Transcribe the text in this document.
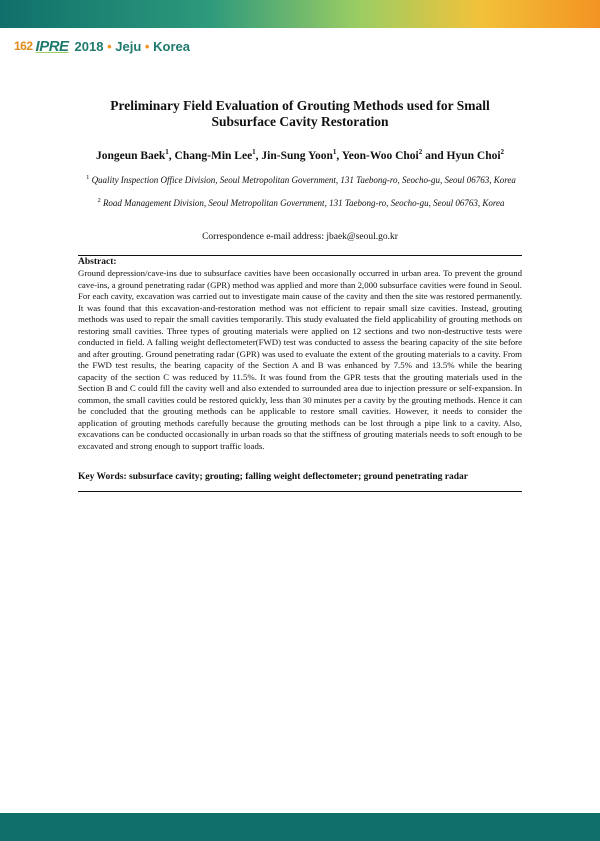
162 IPRE 2018 • Jeju • Korea
Preliminary Field Evaluation of Grouting Methods used for Small
Subsurface Cavity Restoration
Jongeun Baek$^1$, Chang-Min Lee$^1$, Jin-Sung Yoon$^1$, Yeon-Woo Choi$^2$ and Hyun Choi$^2$
$^1$ Quality Inspection Office Division, Seoul Metropolitan Government, 131 Taebong-ro, Seocho-gu, Seoul 06763, Korea
$^2$ Road Management Division, Seoul Metropolitan Government, 131 Taebong-ro, Seocho-gu, Seoul 06763, Korea
Correspondence e-mail address: jbaek@seoul.go.kr
Abstract:

Ground depression/cave-ins due to subsurface cavities have been occasionally occurred in urban area. To prevent the ground cave-ins, a ground penetrating radar (GPR) method was applied and more than 2,000 subsurface cavities were found in Seoul. For each cavity, excavation was carried out to investigate main cause of the cavity and then the site was restored permanently. It was found that this excavation-and-restoration method was not efficient to repair small size cavities. Instead, grouting methods was used to repair the small cavities temporarily. This study evaluated the field applicability of grouting methods on restoring small cavities. Three types of grouting materials were applied on 12 sections and two non-destructive tests were conducted in field. A falling weight deflectometer(FWD) test was conducted to assess the bearing capacity of the site before and after grouting. Ground penetrating radar (GPR) was used to evaluate the extent of the grouting materials to a cavity. From the FWD test results, the bearing capacity of the Section A and B was enhanced by 7.5% and 13.5% while the bearing capacity of the section C was reduced by 11.5%. It was found from the GPR tests that the grouting materials used in the Section B and C could fill the cavity well and also extended to surrounded area due to injection pressure or self-expansion. In common, the small cavities could be restored quickly, less than 30 minutes per a cavity by the grouting methods. Hence it can be concluded that the grouting methods can be applicable to restore small cavities. However, it needs to consider the application of grouting methods carefully because the grouting methods can be lost through a pipe link to a cavity. Also, excavations can be conducted occasionally in urban roads so that the stiffness of grouting materials needs to soft enough to be excavated and strong enough to support traffic loads.

Key Words: subsurface cavity; grouting; falling weight deflectometer; ground penetrating radar
